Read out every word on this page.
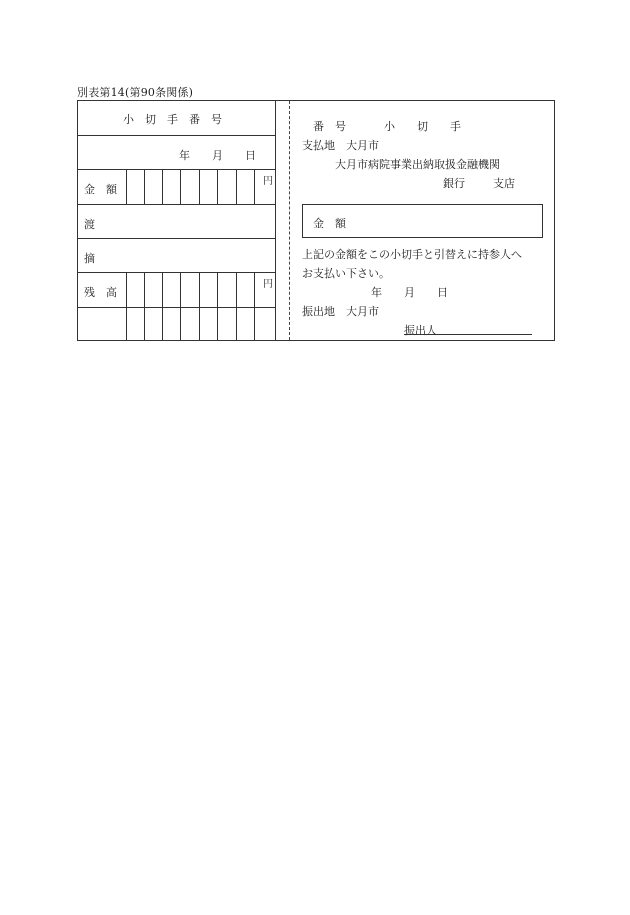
別表第14(第90条関係)
小　切　手　番　号
年　　月　　日
金　額
円
渡
摘
残　高
円
番　号	小　　切　　手
支払地　大月市
大月市病院事業出納取扱金融機関
銀行	支店
金　額
上記の金額をこの小切手と引替えに持参人へ
お支払い下さい。
年　　月　　日
振出地　大月市
振出人
